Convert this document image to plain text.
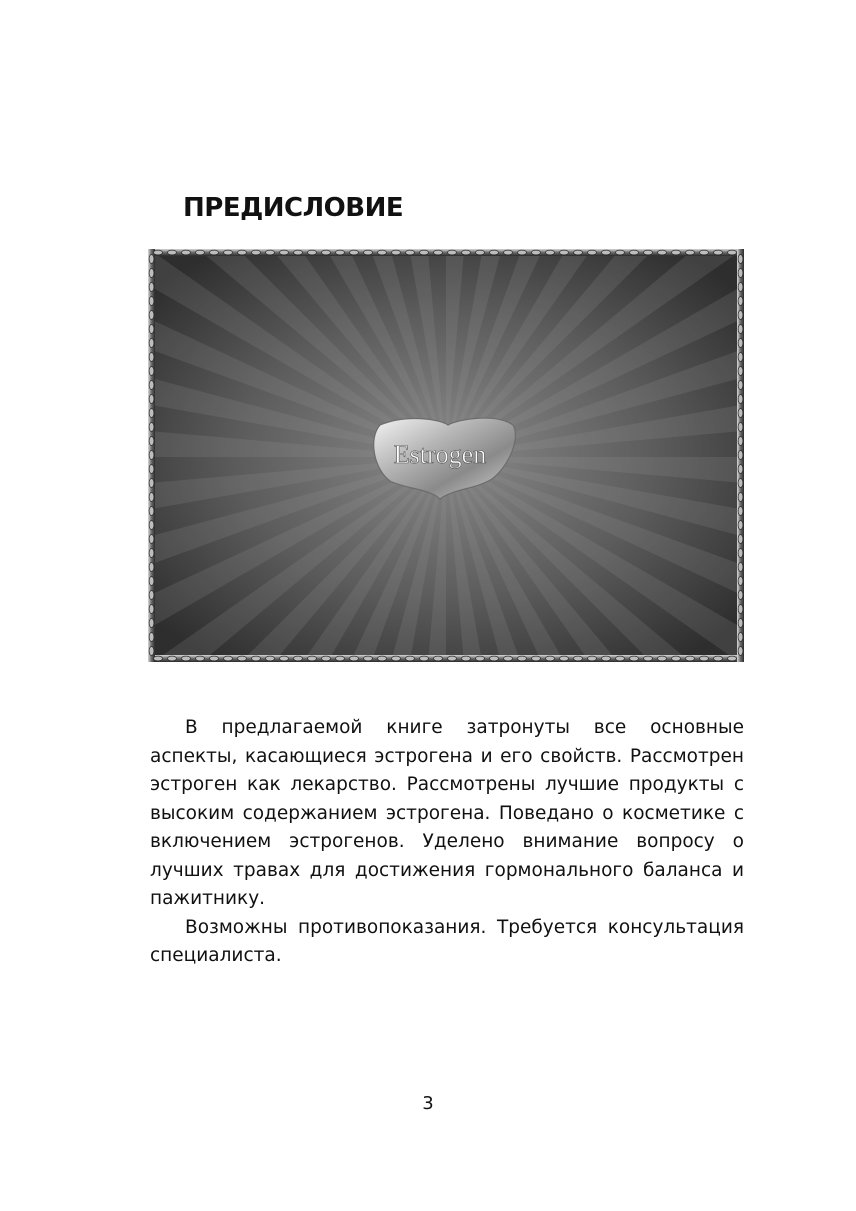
ПРЕДИСЛОВИЕ
Estrogen

В предлагаемой книге затронуты все основные аспекты, касающиеся эстрогена и его свойств. Рассмотрен эстроген как лекарство. Рассмотрены лучшие продукты с высоким содержанием эстрогена. Поведано о косметике с включением эстрогенов. Уделено внимание вопросу о лучших травах для достижения гормонального баланса и пажитнику.

Возможны противопоказания. Требуется консультация специалиста.

3
